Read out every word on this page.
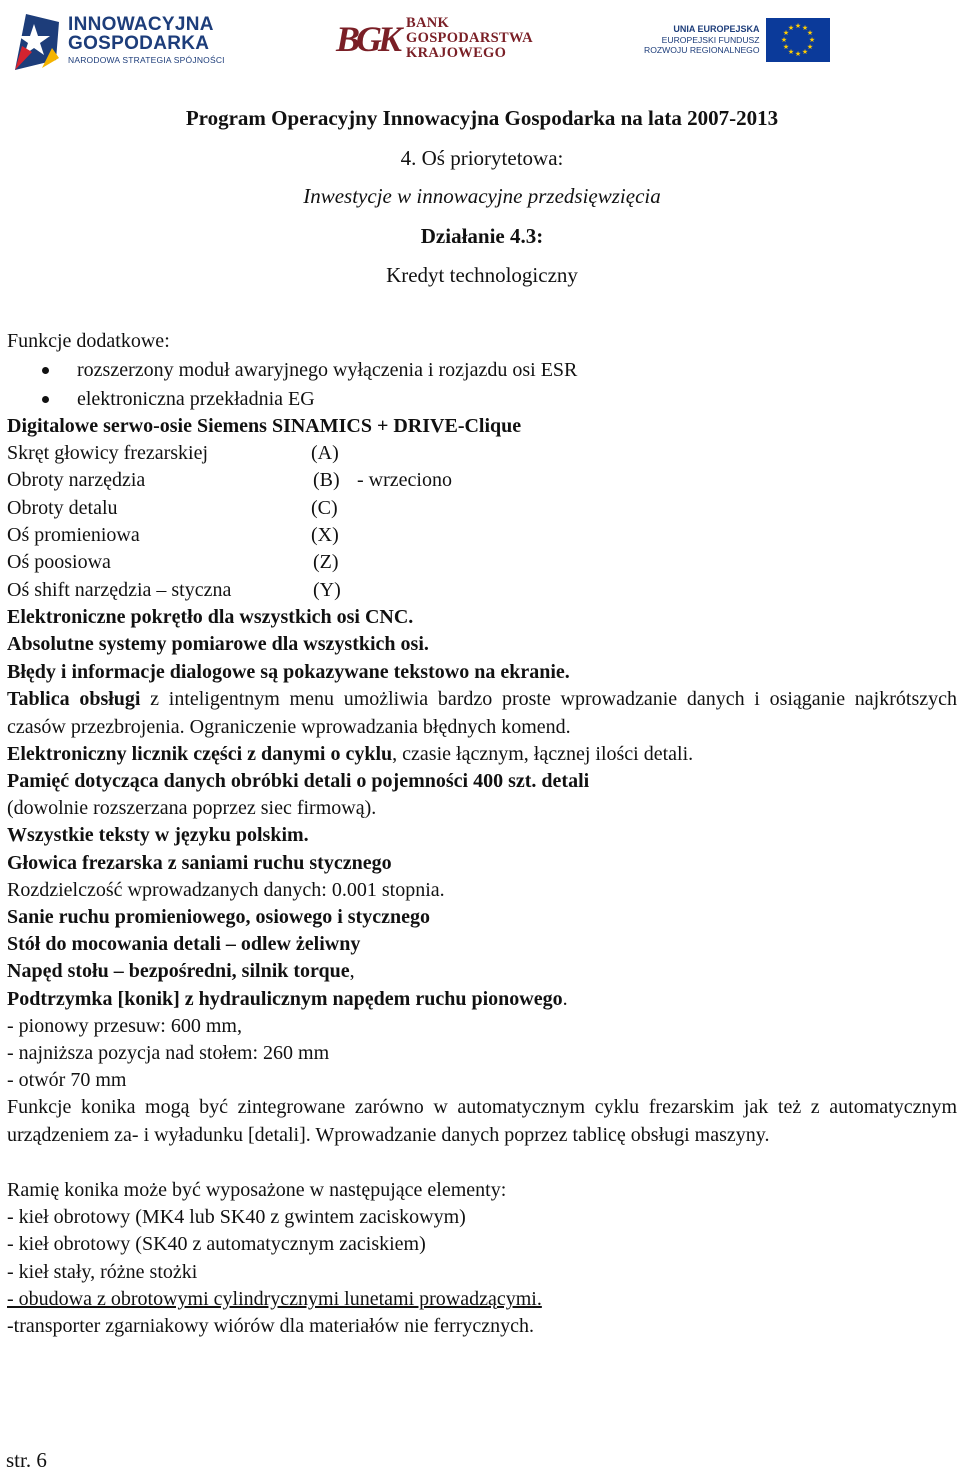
INNOWACYJNA
GOSPODARKA
NARODOWA STRATEGIA SPÓJNOŚCI
BGK BANK
GOSPODARSTWA
KRAJOWEGO
UNIA EUROPEJSKA
EUROPEJSKI FUNDUSZ
ROZWOJU REGIONALNEGO
★ ★
★
★
★
★
★
★
★
★
★
★
Program Operacyjny Innowacyjna Gospodarka na lata 2007-2013
4. Oś priorytetowa:
Inwestycje w innowacyjne przedsięwzięcia
Działanie 4.3:
Kredyt technologiczny
Funkcje dodatkowe:
rozszerzony moduł awaryjnego wyłączenia i rozjazdu osi ESR
elektroniczna przekładnia EG
Digitalowe serwo-osie Siemens SINAMICS + DRIVE-Clique
Skręt głowicy frezarskiej	(A)
Obroty narzędzia	(B) - wrzeciono
Obroty detalu	(C)
Oś promieniowa	(X)
Oś poosiowa	(Z)
Oś shift narzędzia – styczna	(Y)
Elektroniczne pokrętło dla wszystkich osi CNC.
Absolutne systemy pomiarowe dla wszystkich osi.
Błędy i informacje dialogowe są pokazywane tekstowo na ekranie.
Tablica obsługi z inteligentnym menu umożliwia bardzo proste wprowadzanie danych i osiąganie najkrótszych czasów przezbrojenia. Ograniczenie wprowadzania błędnych komend.
Elektroniczny licznik części z danymi o cyklu, czasie łącznym, łącznej ilości detali.
Pamięć dotycząca danych obróbki detali o pojemności 400 szt. detali
(dowolnie rozszerzana poprzez siec firmową).
Wszystkie teksty w języku polskim.
Głowica frezarska z saniami ruchu stycznego
Rozdzielczość wprowadzanych danych: 0.001 stopnia.
Sanie ruchu promieniowego, osiowego i stycznego
Stół do mocowania detali – odlew żeliwny
Napęd stołu – bezpośredni, silnik torque,
Podtrzymka [konik] z hydraulicznym napędem ruchu pionowego.
- pionowy przesuw: 600 mm,
- najniższa pozycja nad stołem: 260 mm
- otwór 70 mm
Funkcje konika mogą być zintegrowane zarówno w automatycznym cyklu frezarskim jak też z automatycznym urządzeniem za- i wyładunku [detali]. Wprowadzanie danych poprzez tablicę obsługi maszyny.
Ramię konika może być wyposażone w następujące elementy:
- kieł obrotowy (MK4 lub SK40 z gwintem zaciskowym)
- kieł obrotowy (SK40 z automatycznym zaciskiem)
- kieł stały, różne stożki
- obudowa z obrotowymi cylindrycznymi lunetami prowadzącymi.
-transporter zgarniakowy wiórów dla materiałów nie ferrycznych.
str. 6
